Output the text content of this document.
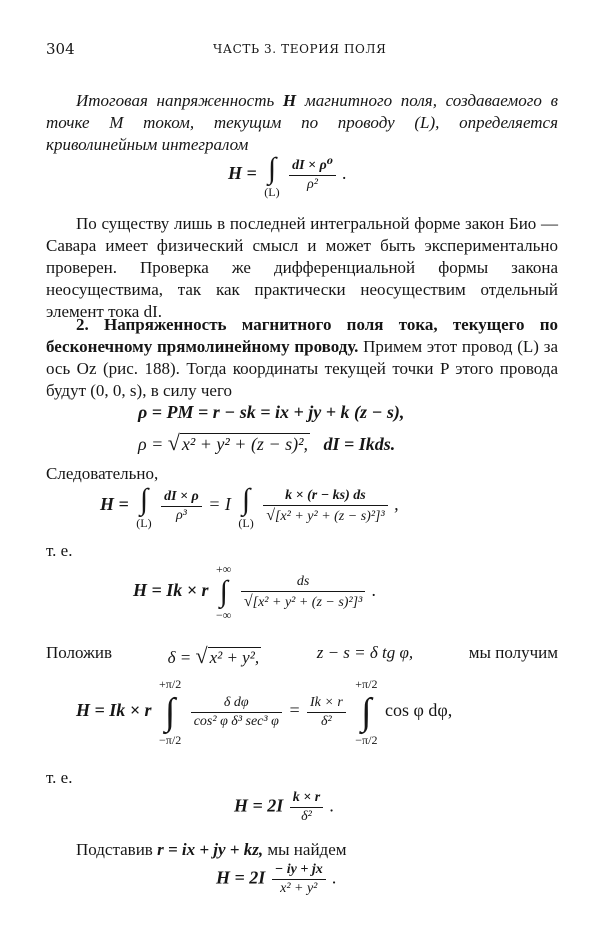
304	ЧАСТЬ 3. ТЕОРИЯ ПОЛЯ
Итоговая напряженность H магнитного поля, создаваемого в точке M током, текущим по проводу (L), определяется криволинейным интегралом
H = ∫
(L)
$\frac{\text{dI × ρ⁰}}{\text{ρ²}}$ .
По существу лишь в последней интегральной форме закон Био — Савара имеет физический смысл и может быть экспериментально проверен. Проверка же дифференциальной формы закона неосуществима, так как практически неосуществим отдельный элемент тока dI.
2. Напряженность магнитного поля тока, текущего по бесконечному прямолинейному проводу. Примем этот провод (L) за ось Oz (рис. 188). Тогда координаты текущей точки P этого провода будут (0, 0, s), в силу чего
ρ = PM = r − sk = ix + jy + k (z − s),
ρ = √ x² + y² + (z − s)², dI = Ikds.
Следовательно,
H = ∫
(L)
$\frac{dI \times \rho}{\text{ρ³}} = I$ ∫
(L)
$\frac{k \times (r - ks) ds}{\text{√[x² + y² + (z − s)²]³}}$ ,
т. е.
H = Ik × r
+∞
∫
−∞

$\frac{ds}{\text{√[x² + y² + (z − s)²]³}}$ .
Положив	δ = √ x² + y²,	z − s = δ tg φ,	мы получим
H = Ik × r
+π/2
∫
−π/2

$\frac{\text{δ dφ}}{\text{cos² φ δ³ sec³ φ}} = \frac{Ik \times r}{\text{δ²}}$

+π/2
∫
−π/2
cos φ dφ,
т. е.
$H = 2I \frac{k \times r}{\text{δ²}}$ .
Подставив r = ix + jy + kz, мы найдем
$H = 2I \frac{- iy + jx}{\text{x² + y²}}$ .
